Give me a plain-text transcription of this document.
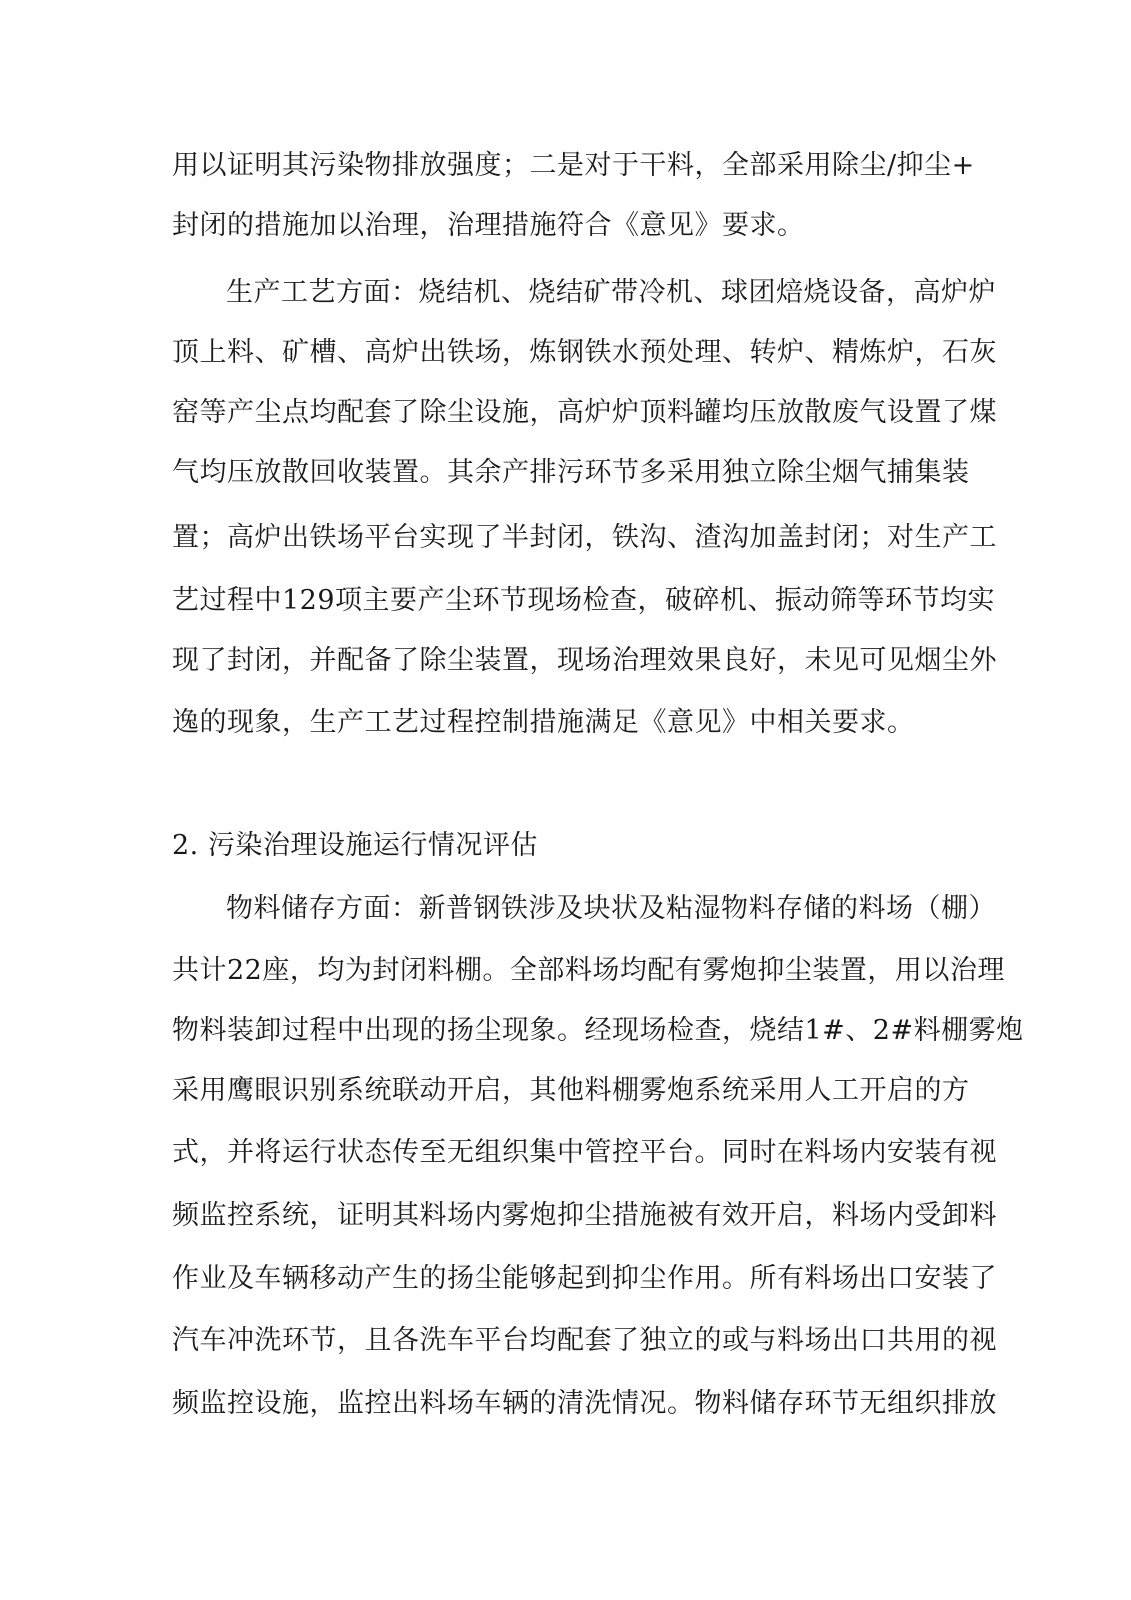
用以证明其污染物排放强度；二是对于干料，全部采用除尘/抑尘+
封闭的措施加以治理，治理措施符合《意见》要求。
生产工艺方面：烧结机、烧结矿带冷机、球团焙烧设备，高炉炉
顶上料、矿槽、高炉出铁场，炼钢铁水预处理、转炉、精炼炉，石灰
窑等产尘点均配套了除尘设施，高炉炉顶料罐均压放散废气设置了煤
气均压放散回收装置。其余产排污环节多采用独立除尘烟气捕集装
置；高炉出铁场平台实现了半封闭，铁沟、渣沟加盖封闭；对生产工
艺过程中129项主要产尘环节现场检查，破碎机、振动筛等环节均实
现了封闭，并配备了除尘装置，现场治理效果良好，未见可见烟尘外
逸的现象，生产工艺过程控制措施满足《意见》中相关要求。
2. 污染治理设施运行情况评估
物料储存方面：新普钢铁涉及块状及粘湿物料存储的料场（棚）
共计22座，均为封闭料棚。全部料场均配有雾炮抑尘装置，用以治理
物料装卸过程中出现的扬尘现象。经现场检查，烧结1#、2#料棚雾炮
采用鹰眼识别系统联动开启，其他料棚雾炮系统采用人工开启的方
式，并将运行状态传至无组织集中管控平台。同时在料场内安装有视
频监控系统，证明其料场内雾炮抑尘措施被有效开启，料场内受卸料
作业及车辆移动产生的扬尘能够起到抑尘作用。所有料场出口安装了
汽车冲洗环节，且各洗车平台均配套了独立的或与料场出口共用的视
频监控设施，监控出料场车辆的清洗情况。物料储存环节无组织排放
